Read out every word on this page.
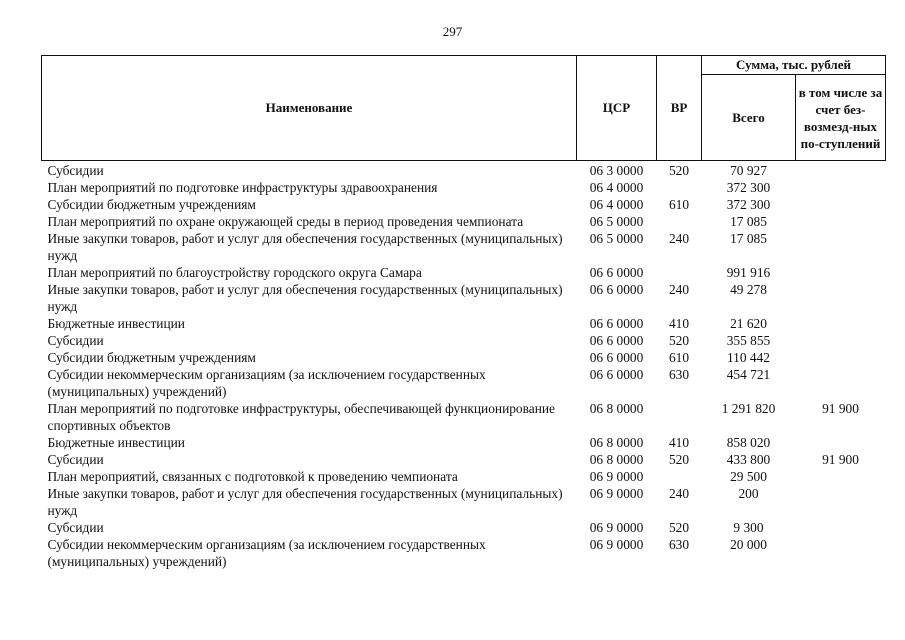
297
Наименование	ЦСР	ВР	Сумма, тыс. рублей	
			Всего	в том числе за счет без-возмезд-ных по-ступлений
Субсидии	06 3 0000	520	70 927	
План мероприятий по подготовке инфраструктуры здравоохранения	06 4 0000		372 300	
Субсидии бюджетным учреждениям	06 4 0000	610	372 300	
План мероприятий по охране окружающей среды в период проведения чемпионата	06 5 0000		17 085	
Иные закупки товаров, работ и услуг для обеспечения государственных (муниципальных) нужд	06 5 0000	240	17 085	
План мероприятий по благоустройству городского округа Самара	06 6 0000		991 916	
Иные закупки товаров, работ и услуг для обеспечения государственных (муниципальных) нужд	06 6 0000	240	49 278	
Бюджетные инвестиции	06 6 0000	410	21 620	
Субсидии	06 6 0000	520	355 855	
Субсидии бюджетным учреждениям	06 6 0000	610	110 442	
Субсидии некоммерческим организациям (за исключением государственных (муниципальных) учреждений)	06 6 0000	630	454 721	
План мероприятий по подготовке инфраструктуры, обеспечивающей функционирование спортивных объектов	06 8 0000		1 291 820	91 900
Бюджетные инвестиции	06 8 0000	410	858 020	
Субсидии	06 8 0000	520	433 800	91 900
План мероприятий, связанных с подготовкой к проведению чемпионата	06 9 0000		29 500	
Иные закупки товаров, работ и услуг для обеспечения государственных (муниципальных) нужд	06 9 0000	240	200	
Субсидии	06 9 0000	520	9 300	
Субсидии некоммерческим организациям (за исключением государственных (муниципальных) учреждений)	06 9 0000	630	20 000	
